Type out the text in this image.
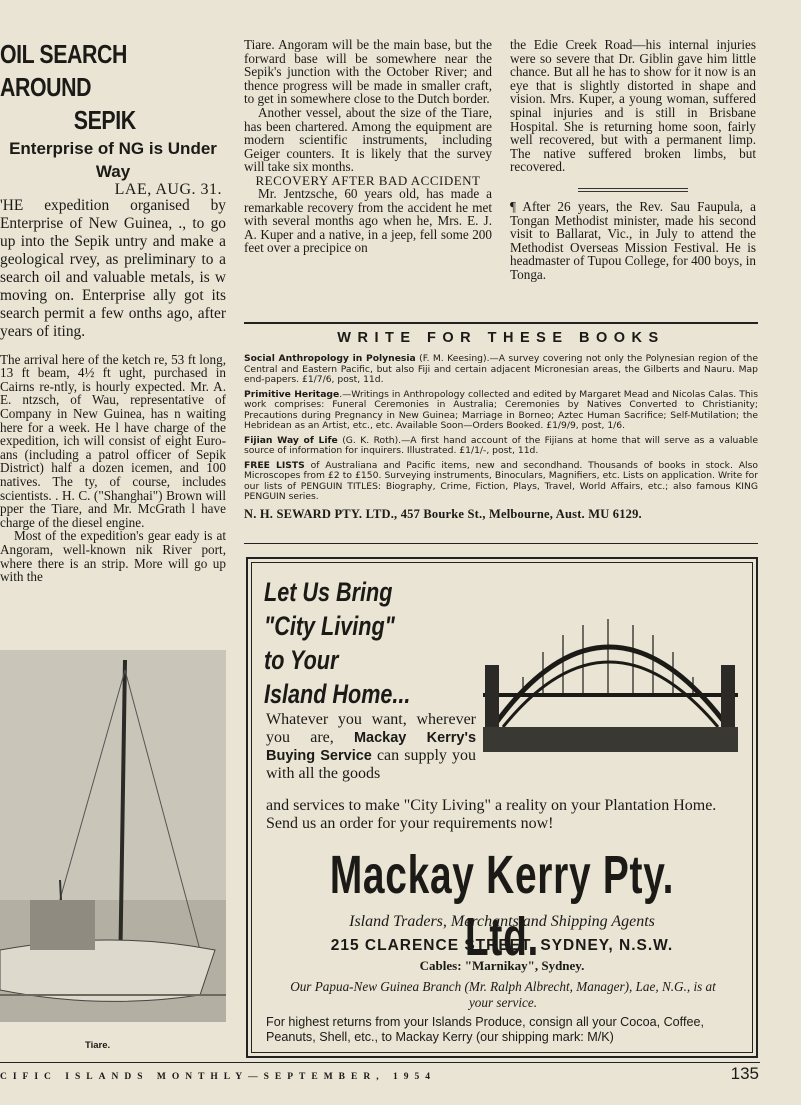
OIL SEARCH AROUND
SEPIK

Enterprise of NG is Under Way

LAE, AUG. 31.

'HE expedition organised by Enterprise of New Guinea, ., to go up into the Sepik untry and make a geological rvey, as preliminary to a search oil and valuable metals, is w moving on. Enterprise ally got its search permit a few onths ago, after years of iting.

The arrival here of the ketch re, 53 ft long, 13 ft beam, 4½ ft ught, purchased in Cairns re-ntly, is hourly expected. Mr. A. E. ntzsch, of Wau, representative of Company in New Guinea, has n waiting here for a week. He l have charge of the expedition, ich will consist of eight Euro-ans (including a patrol officer of Sepik District) half a dozen icemen, and 100 natives. The ty, of course, includes scientists. . H. C. ("Shanghai") Brown will pper the Tiare, and Mr. McGrath l have charge of the diesel engine.

Most of the expedition's gear eady is at Angoram, well-known nik River port, where there is an strip. More will go up with the

Tiare. Angoram will be the main base, but the forward base will be somewhere near the Sepik's junction with the October River; and thence progress will be made in smaller craft, to get in somewhere close to the Dutch border.

Another vessel, about the size of the Tiare, has been chartered. Among the equipment are modern scientific instruments, including Geiger counters. It is likely that the survey will take six months.

RECOVERY AFTER BAD ACCIDENT

Mr. Jentzsche, 60 years old, has made a remarkable recovery from the accident he met with several months ago when he, Mrs. E. J. A. Kuper and a native, in a jeep, fell some 200 feet over a precipice on

the Edie Creek Road—his internal injuries were so severe that Dr. Giblin gave him little chance. But all he has to show for it now is an eye that is slightly distorted in shape and vision. Mrs. Kuper, a young woman, suffered spinal injuries and is still in Brisbane Hospital. She is returning home soon, fairly well recovered, but with a permanent limp. The native suffered broken limbs, but recovered.

¶ After 26 years, the Rev. Sau Faupula, a Tongan Methodist minister, made his second visit to Ballarat, Vic., in July to attend the Methodist Overseas Mission Festival. He is headmaster of Tupou College, for 400 boys, in Tonga.

WRITE FOR THESE BOOKS

Social Anthropology in Polynesia (F. M. Keesing).—A survey covering not only the Polynesian region of the Central and Eastern Pacific, but also Fiji and certain adjacent Micronesian areas, the Gilberts and Nauru. Map end-papers. £1/7/6, post, 11d.

Primitive Heritage.—Writings in Anthropology collected and edited by Margaret Mead and Nicolas Calas. This work comprises: Funeral Ceremonies in Australia; Ceremonies by Natives Converted to Christianity; Precautions during Pregnancy in New Guinea; Marriage in Borneo; Aztec Human Sacrifice; Self-Mutilation; the Hebridean as an Artist, etc., etc. Available Soon—Orders Booked. £1/9/9, post, 1/6.

Fijian Way of Life (G. K. Roth).—A first hand account of the Fijians at home that will serve as a valuable source of information for inquirers. Illustrated. £1/1/-, post, 11d.

FREE LISTS of Australiana and Pacific items, new and secondhand. Thousands of books in stock. Also Microscopes from £2 to £150. Surveying instruments, Binoculars, Magnifiers, etc. Lists on application. Write for our lists of PENGUIN TITLES: Biography, Crime, Fiction, Plays, Travel, World Affairs, etc.; also famous KING PENGUIN series.

N. H. SEWARD PTY. LTD., 457 Bourke St., Melbourne, Aust. MU 6129.

Tiare.
Let Us Bring
"City Living"
to Your
Island Home...
Whatever you want, wherever you are, Mackay Kerry's Buying Service can supply you with all the goods
and services to make "City Living" a reality on your Plantation Home. Send us an order for your requirements now!
Mackay Kerry Pty. Ltd.
Island Traders, Merchants and Shipping Agents
215 CLARENCE STREET, SYDNEY, N.S.W.
Cables: "Marnikay", Sydney.
Our Papua-New Guinea Branch (Mr. Ralph Albrecht, Manager), Lae, N.G., is at your service.
For highest returns from your Islands Produce, consign all your Cocoa, Coffee, Peanuts, Shell, etc., to Mackay Kerry (our shipping mark: M/K)
CIFIC ISLANDS MONTHLY—SEPTEMBER, 1954	135
